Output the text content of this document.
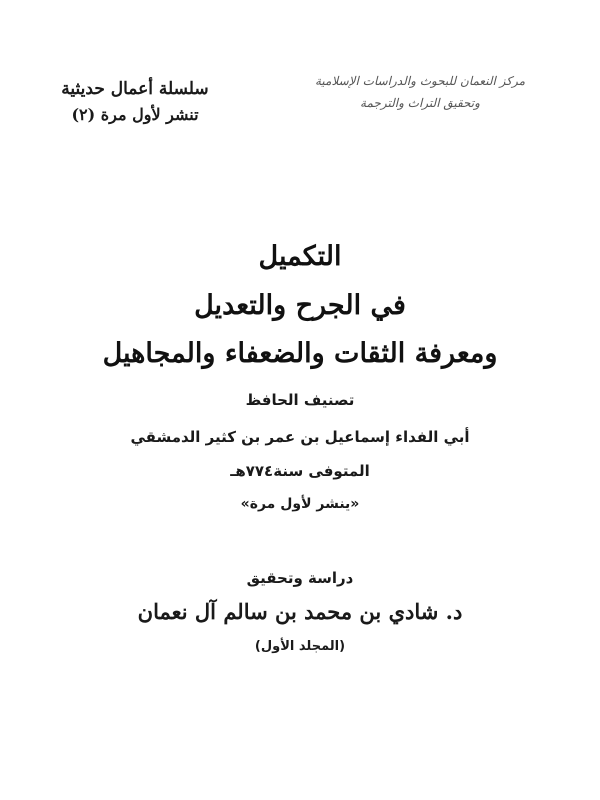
سلسلة أعمال حديثية
تنشر لأول مرة (٢)
مركز النعمان للبحوث والدراسات الإسلامية
وتحقيق التراث والترجمة
التكميل
في الجرح والتعديل
ومعرفة الثقات والضعفاء والمجاهيل
تصنيف الحافظ
أبي الفداء إسماعيل بن عمر بن كثير الدمشقي
المتوفى سنة٧٧٤هـ
«ينشر لأول مرة»
دراسة وتحقيق
د. شادي بن محمد بن سالم آل نعمان
(المجلد الأول)
